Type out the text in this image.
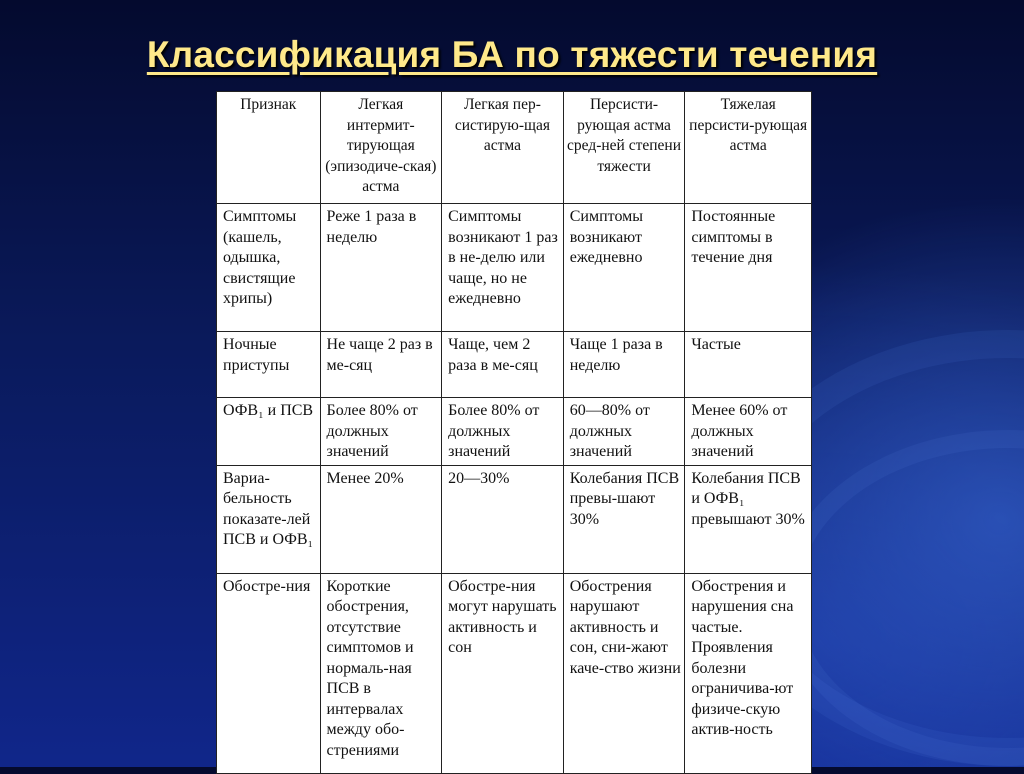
Классификация БА по тяжести течения
Признак	Легкая интермит-тирующая (эпизодиче-ская) астма	Легкая пер-систирую-щая астма	Персисти-рующая астма сред-ней степени тяжести	Тяжелая персисти-рующая астма
Симптомы (кашель, одышка, свистящие хрипы)	Реже 1 раза в неделю	Симптомы возникают 1 раз в не-делю или чаще, но не ежедневно	Симптомы возникают ежедневно	Постоянные симптомы в течение дня
Ночные приступы	Не чаще 2 раз в ме-сяц	Чаще, чем 2 раза в ме-сяц	Чаще 1 раза в неделю	Частые
ОФВ₁ и ПСВ	Более 80% от должных значений	Более 80% от должных значений	60—80% от должных значений	Менее 60% от должных значений
Вариа-бельность показате-лей ПСВ и ОФВ₁	Менее 20%	20—30%	Колебания ПСВ превы-шают 30%	Колебания ПСВ и ОФВ₁ превышают 30%
Обостре-ния	Короткие обострения, отсутствие симптомов и нормаль-ная ПСВ в интервалах между обо-стрениями	Обостре-ния могут нарушать активность и сон	Обострения нарушают активность и сон, сни-жают каче-ство жизни	Обострения и нарушения сна частые. Проявления болезни ограничива-ют физиче-скую актив-ность
